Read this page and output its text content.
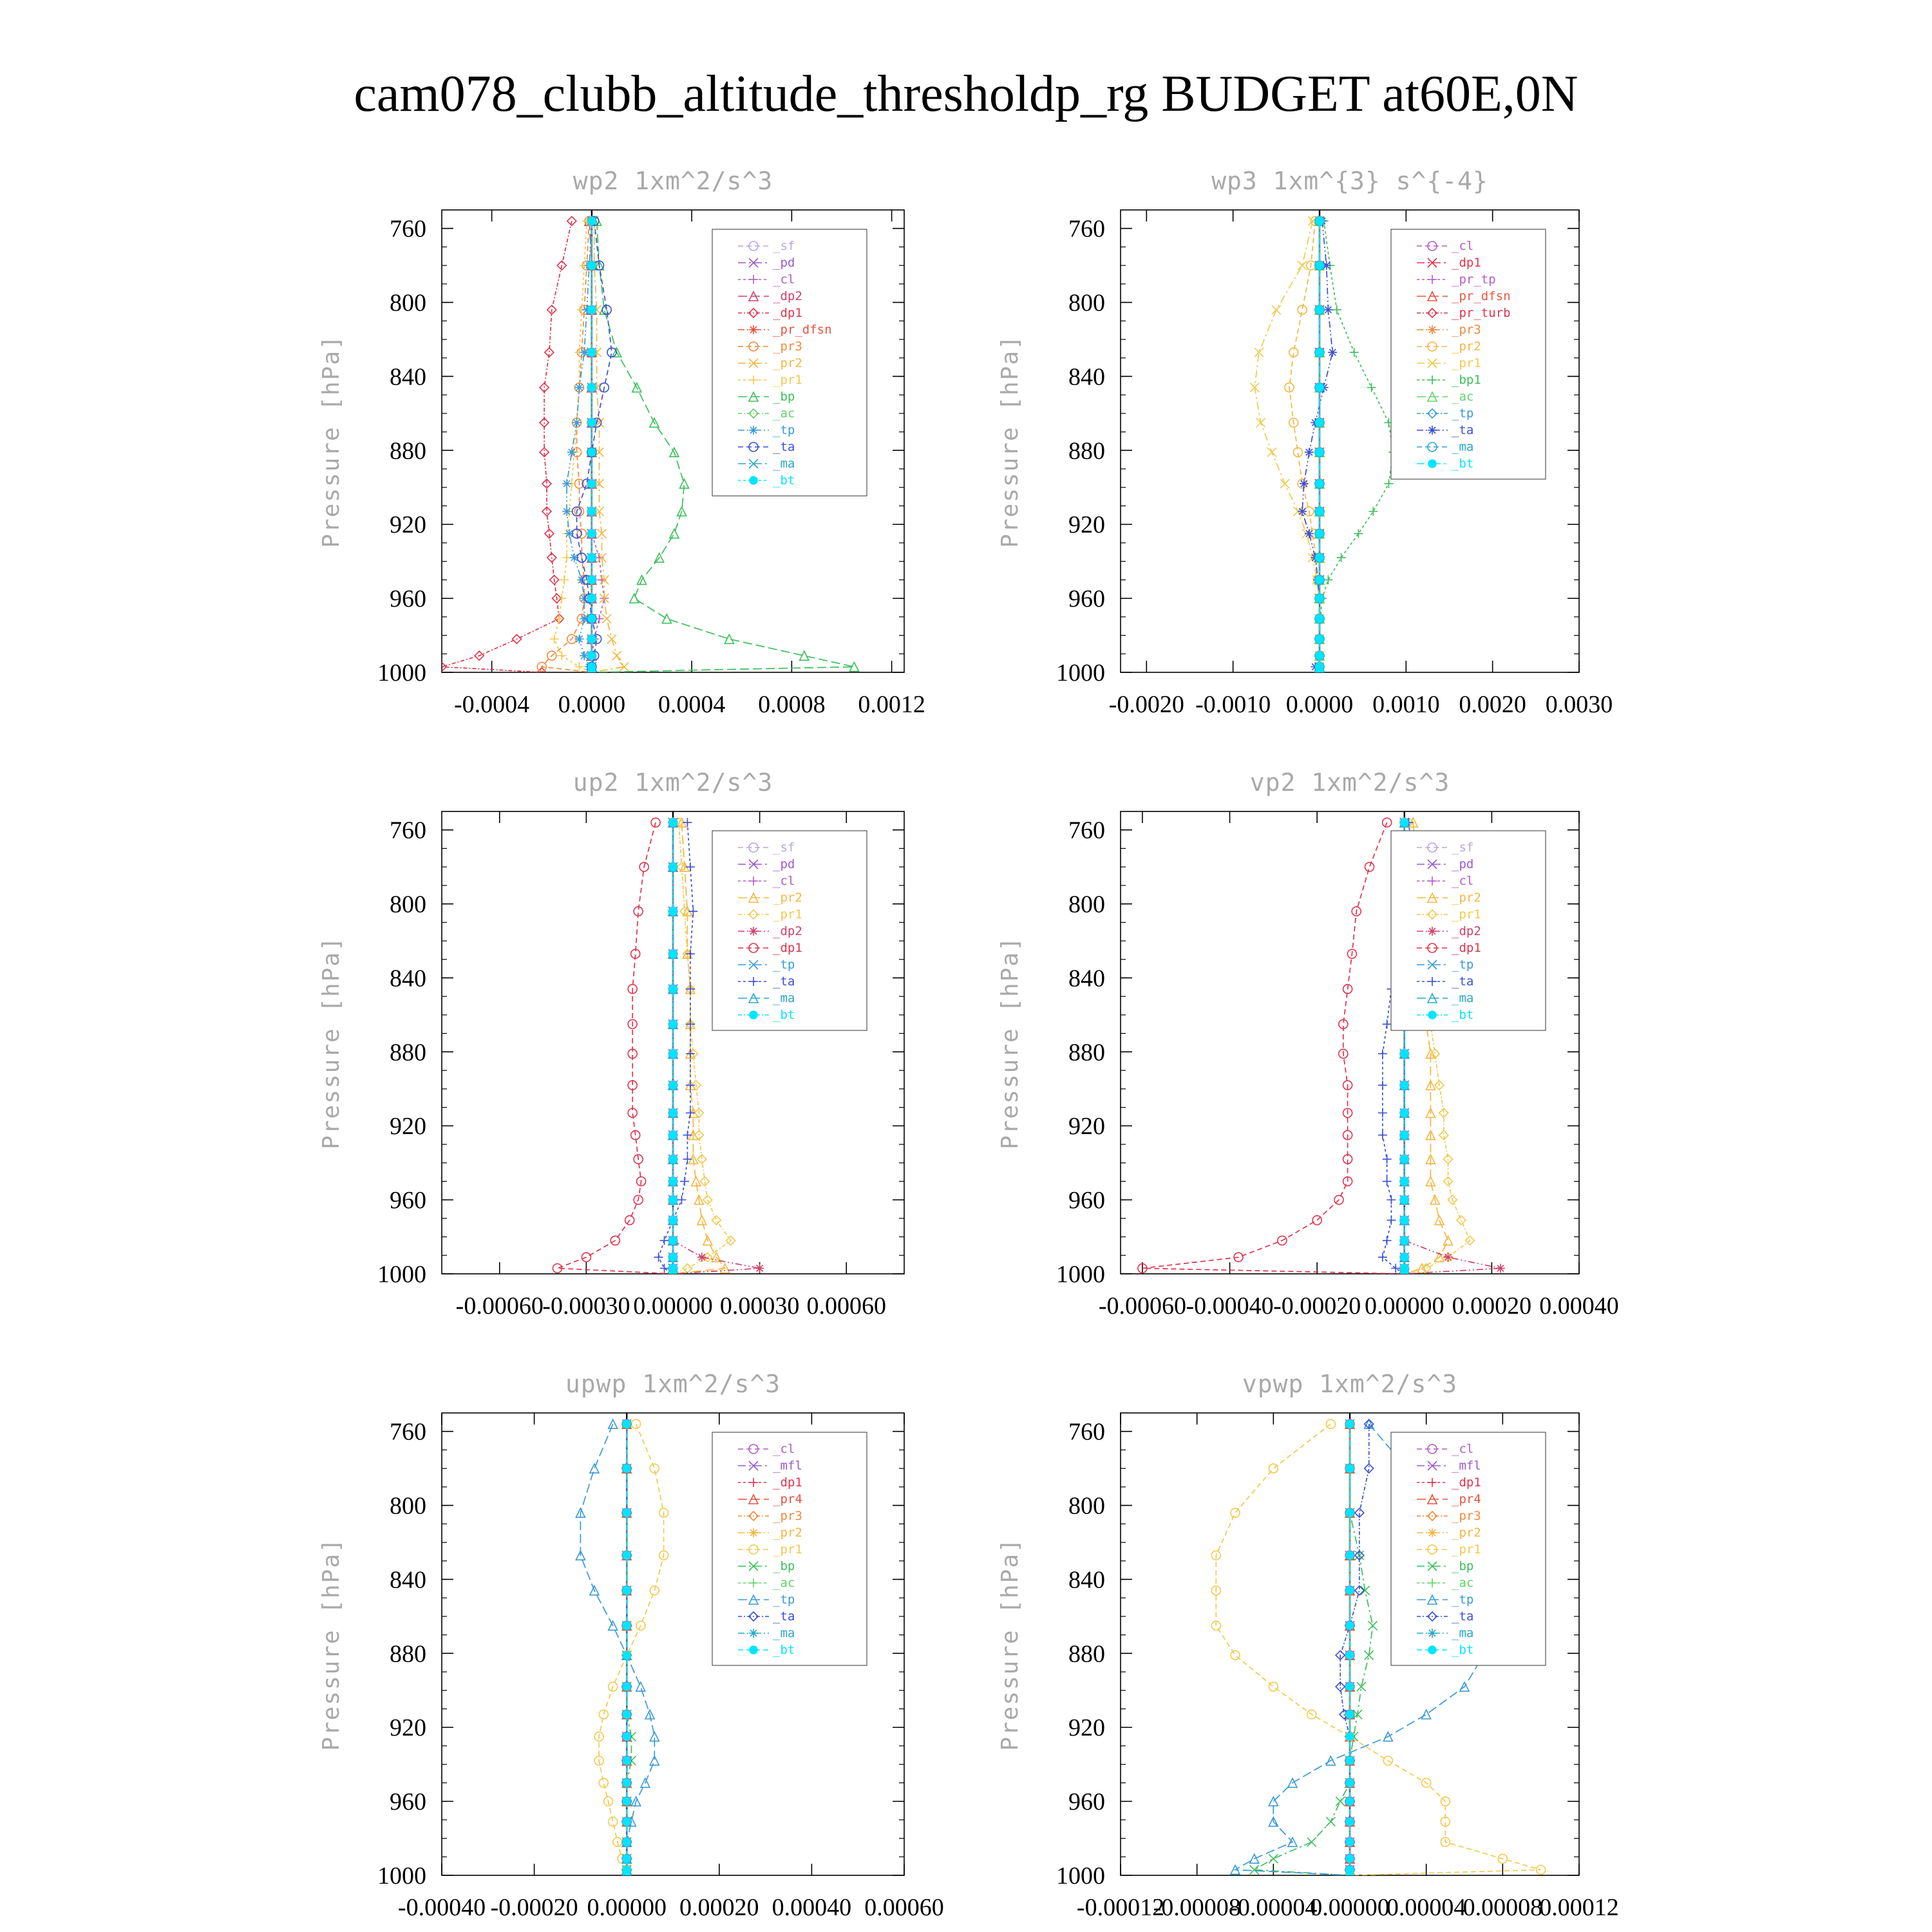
cam078_clubb_altitude_thresholdp_rg BUDGET at60E,0N
wp2 1xm^2/s^3
Pressure [hPa]
760
800
840
880
920
960
1000
-0.0004 0.0000 0.0004 0.0008 0.0012
_sf
_pd
_cl
_dp2
_dp1
_pr_dfsn
_pr3
_pr2
_pr1
_bp
_ac
_tp
_ta
_ma
_bt
wp3 1xm^{3} s^{-4}
Pressure [hPa]
760
800
840
880
920
960
1000
-0.0020 -0.0010 0.0000 0.0010 0.0020 0.0030
_cl
_dp1
_pr_tp
_pr_dfsn
_pr_turb
_pr3
_pr2
_pr1
_bp1
_ac
_tp
_ta
_ma
_bt
up2 1xm^2/s^3
Pressure [hPa]
760
800
840
880
920
960
1000
-0.00060
-0.00030 0.00000 0.00030 0.00060
_sf
_pd
_cl
_pr2
_pr1
_dp2
_dp1
_tp
_ta
_ma
_bt
vp2 1xm^2/s^3
Pressure [hPa]
760
800
840
880
920
960
1000
-0.00060 -0.00040 -0.00020 0.00000 0.00020 0.00040
_sf
_pd
_cl
_pr2
_pr1
_dp2
_dp1
_tp
_ta
_ma
_bt
upwp 1xm^2/s^3
Pressure [hPa]
760
800
840
880
920
960
1000
-0.00040 -0.00020 0.00000 0.00020 0.00040 0.00060
_cl
_mfl
_dp1
_pr4
_pr3
_pr2
_pr1
_bp
_ac
_tp
_ta
_ma
_bt
vpwp 1xm^2/s^3
Pressure [hPa]
760
800
840
880
920
960
1000
-0.00012
-0.00008
-0.00004
0.00000
0.00004
0.00008
0.00012
_cl
_mfl
_dp1
_pr4
_pr3
_pr2
_pr1
_bp
_ac
_tp
_ta
_ma
_bt
